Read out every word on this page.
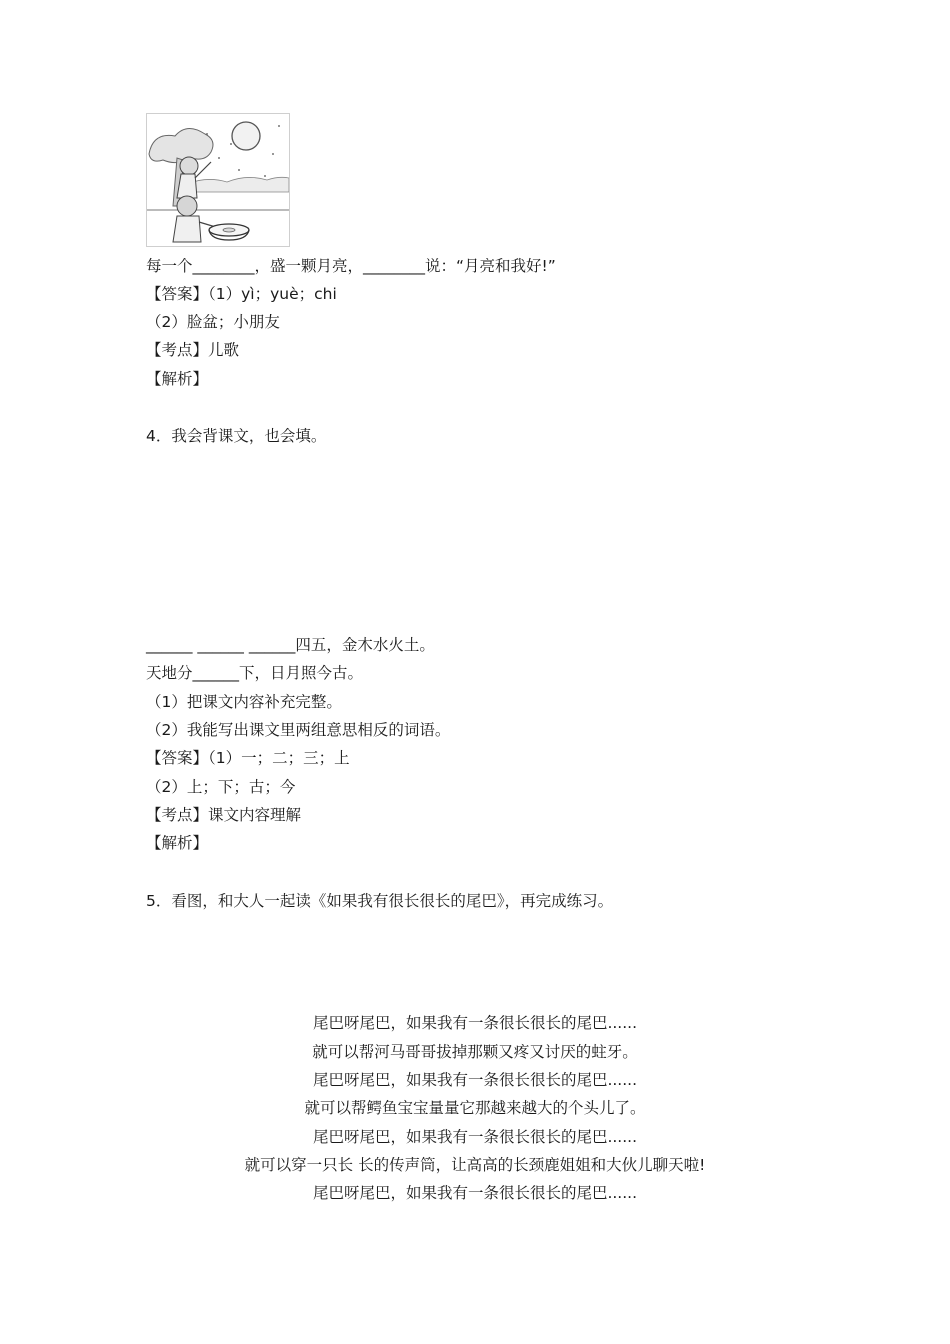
每一个________，盛一颗月亮，________说：“月亮和我好!”
【答案】（1）yì；yuè；chi
（2）脸盆；小朋友
【考点】儿歌
【解析】
4．我会背课文，也会填。
______ ______ ______四五，金木水火土。
天地分______下，日月照今古。
（1）把课文内容补充完整。
（2）我能写出课文里两组意思相反的词语。
【答案】（1）一；二；三；上
（2）上；下；古；今
【考点】课文内容理解
【解析】
5．看图，和大人一起读《如果我有很长很长的尾巴》，再完成练习。
尾巴呀尾巴，如果我有一条很长很长的尾巴......
就可以帮河马哥哥拔掉那颗又疼又讨厌的蛀牙。
尾巴呀尾巴，如果我有一条很长很长的尾巴......
就可以帮鳄鱼宝宝量量它那越来越大的个头儿了。
尾巴呀尾巴，如果我有一条很长很长的尾巴......
就可以穿一只长 长的传声筒，让高高的长颈鹿姐姐和大伙儿聊天啦!
尾巴呀尾巴，如果我有一条很长很长的尾巴......
